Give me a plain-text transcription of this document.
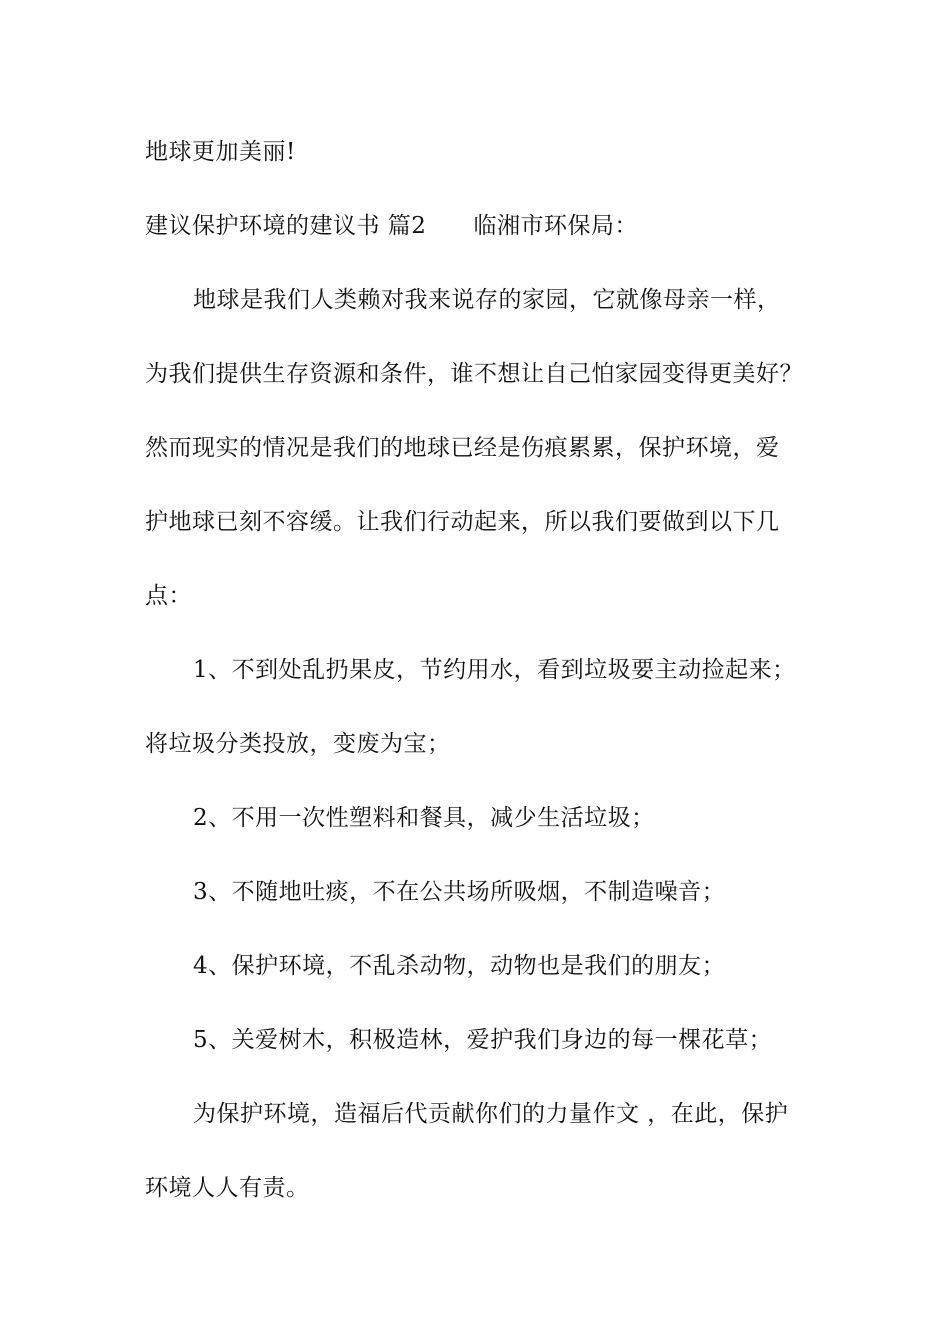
地球更加美丽!
建议保护环境的建议书 篇2　　临湘市环保局：
地球是我们人类赖对我来说存的家园，它就像母亲一样，
为我们提供生存资源和条件，谁不想让自己怕家园变得更美好？
然而现实的情况是我们的地球已经是伤痕累累，保护环境，爱
护地球已刻不容缓。让我们行动起来，所以我们要做到以下几
点：
1、不到处乱扔果皮，节约用水，看到垃圾要主动捡起来；
将垃圾分类投放，变废为宝；
2、不用一次性塑料和餐具，减少生活垃圾；
3、不随地吐痰，不在公共场所吸烟，不制造噪音；
4、保护环境，不乱杀动物，动物也是我们的朋友；
5、关爱树木，积极造林，爱护我们身边的每一棵花草；
为保护环境，造福后代贡献你们的力量作文 ，在此，保护
环境人人有责。
